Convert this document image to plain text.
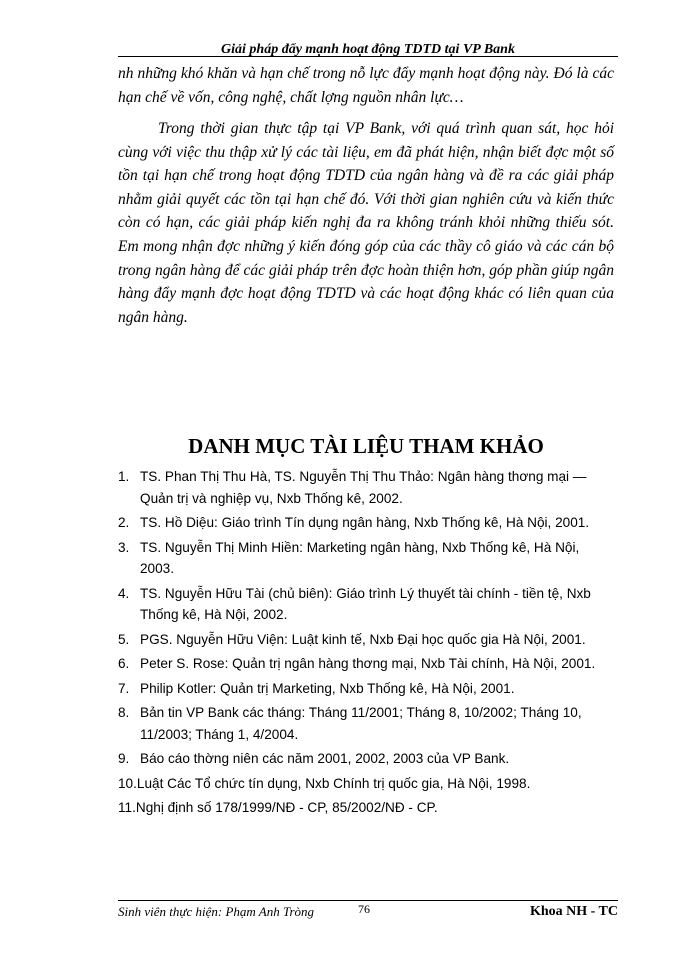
Giải pháp đẩy mạnh hoạt động TDTD tại VP Bank

nh những khó khăn và hạn chế trong nỗ lực đẩy mạnh hoạt động này. Đó là các hạn chế về vốn, công nghệ, chất lợng nguồn nhân lực…

Trong thời gian thực tập tại VP Bank, với quá trình quan sát, học hỏi cùng với việc thu thập xử lý các tài liệu, em đã phát hiện, nhận biết đợc một số tồn tại hạn chế trong hoạt động TDTD của ngân hàng và đề ra các giải pháp nhằm giải quyết các tồn tại hạn chế đó. Với thời gian nghiên cứu và kiến thức còn có hạn, các giải pháp kiến nghị đa ra không tránh khỏi những thiếu sót. Em mong nhận đợc những ý kiến đóng góp của các thầy cô giáo và các cán bộ trong ngân hàng để các giải pháp trên đợc hoàn thiện hơn, góp phần giúp ngân hàng đẩy mạnh đợc hoạt động TDTD và các hoạt động khác có liên quan của ngân hàng.

DANH MỤC TÀI LIỆU THAM KHẢO
1. TS. Phan Thị Thu Hà, TS. Nguyễn Thị Thu Thảo: Ngân hàng thơng mại — Quản trị và nghiệp vụ, Nxb Thống kê, 2002.
2. TS. Hồ Diệu: Giáo trình Tín dụng ngân hàng, Nxb Thống kê, Hà Nội, 2001.
3. TS. Nguyễn Thị Minh Hiền: Marketing ngân hàng, Nxb Thống kê, Hà Nội, 2003.
4. TS. Nguyễn Hữu Tài (chủ biên): Giáo trình Lý thuyết tài chính - tiền tệ, Nxb Thống kê, Hà Nội, 2002.
5. PGS. Nguyễn Hữu Viện: Luật kinh tế, Nxb Đại học quốc gia Hà Nội, 2001.
6. Peter S. Rose: Quản trị ngân hàng thơng mại, Nxb Tài chính, Hà Nội, 2001.
7. Philip Kotler: Quản trị Marketing, Nxb Thống kê, Hà Nội, 2001.
8. Bản tin VP Bank các tháng: Tháng 11/2001; Tháng 8, 10/2002; Tháng 10, 11/2003; Tháng 1, 4/2004.
9. Báo cáo thờng niên các năm 2001, 2002, 2003 của VP Bank.
10.Luật Các Tổ chức tín dụng, Nxb Chính trị quốc gia, Hà Nội, 1998.
11.Nghị định số 178/1999/NĐ - CP, 85/2002/NĐ - CP.
Sinh viên thực hiện: Phạm Anh Tròng	76	Khoa NH - TC
